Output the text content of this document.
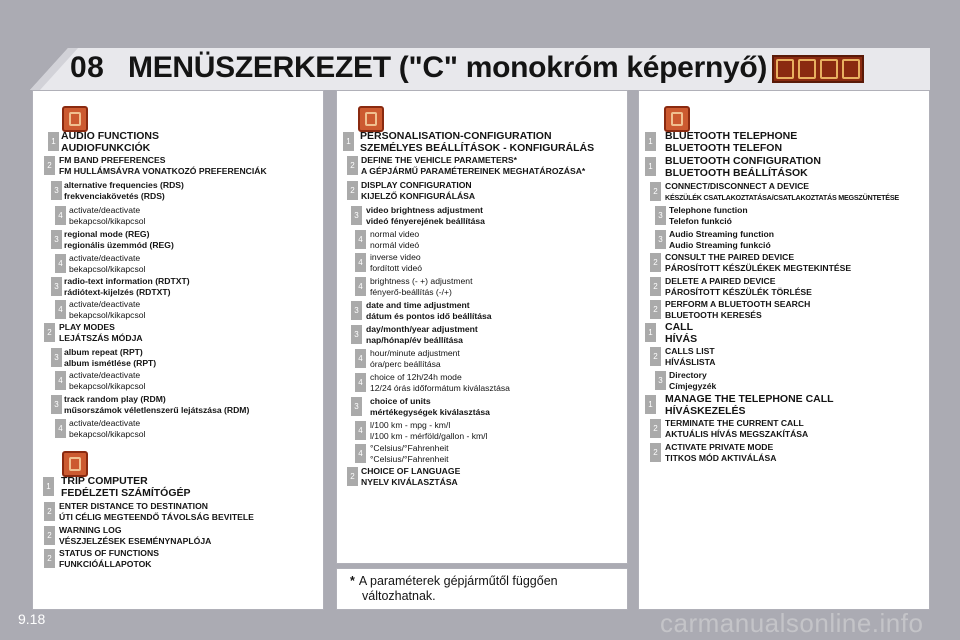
08 MENÜSZERKEZET ("C" monokróm képernyő)
1 AUDIO FUNCTIONS
AUDIOFUNKCIÓK
2
FM BAND PREFERENCES
FM HULLÁMSÁVRA VONATKOZÓ PREFERENCIÁK
3
alternative frequencies (RDS)
frekvenciakövetés (RDS)
4
activate/deactivate
bekapcsol/kikapcsol
3
regional mode (REG)
regionális üzemmód (REG)
4
activate/deactivate
bekapcsol/kikapcsol
3
radio-text information (RDTXT)
rádiótext-kijelzés (RDTXT)
4
activate/deactivate
bekapcsol/kikapcsol
2
PLAY MODES
LEJÁTSZÁS MÓDJA
3
album repeat (RPT)
album ismétlése (RPT)
4
activate/deactivate
bekapcsol/kikapcsol
3
track random play (RDM)
műsorszámok véletlenszerű lejátszása (RDM)
4
activate/deactivate
bekapcsol/kikapcsol
1 TRIP COMPUTER
FEDÉLZETI SZÁMÍTÓGÉP
2
ENTER DISTANCE TO DESTINATION
ÚTI CÉLIG MEGTEENDŐ TÁVOLSÁG BEVITELE
2
WARNING LOG
VÉSZJELZÉSEK ESEMÉNYNAPLÓJA
2
STATUS OF FUNCTIONS
FUNKCIÓÁLLAPOTOK
1 PERSONALISATION-CONFIGURATION
SZEMÉLYES BEÁLLÍTÁSOK - KONFIGURÁLÁS
2
DEFINE THE VEHICLE PARAMETERS*
A GÉPJÁRMŰ PARAMÉTEREINEK MEGHATÁROZÁSA*
2
DISPLAY CONFIGURATION
KIJELZŐ KONFIGURÁLÁSA
3
video brightness adjustment
videó fényerejének beállítása
4
normal video
normál videó
4
inverse video
fordított videó
4
brightness (- +) adjustment
fényerő-beállítás (-/+)
3
date and time adjustment
dátum és pontos idő beállítása
3
day/month/year adjustment
nap/hónap/év beállítása
4
hour/minute adjustment
óra/perc beállítása
4
choice of 12h/24h mode
12/24 órás időformátum kiválasztása
3
choice of units
mértékegységek kiválasztása
4
l/100 km - mpg - km/l
l/100 km - mérföld/gallon - km/l
4
°Celsius/°Fahrenheit
°Celsius/°Fahrenheit
2
CHOICE OF LANGUAGE
NYELV KIVÁLASZTÁSA
1	BLUETOOTH TELEPHONE
BLUETOOTH TELEFON
1	BLUETOOTH CONFIGURATION
BLUETOOTH BEÁLLÍTÁSOK
2
CONNECT/DISCONNECT A DEVICE
KÉSZÜLÉK CSATLAKOZTATÁSA/CSATLAKOZTATÁS MEGSZÜNTETÉSE
3
Telephone function
Telefon funkció
3
Audio Streaming function
Audio Streaming funkció
2
CONSULT THE PAIRED DEVICE
PÁROSÍTOTT KÉSZÜLÉKEK MEGTEKINTÉSE
2
DELETE A PAIRED DEVICE
PÁROSÍTOTT KÉSZÜLÉK TÖRLÉSE
2
PERFORM A BLUETOOTH SEARCH
BLUETOOTH KERESÉS
1	CALL
HÍVÁS
2
CALLS LIST
HÍVÁSLISTA
3
Directory
Címjegyzék
1	MANAGE THE TELEPHONE CALL
HÍVÁSKEZELÉS
2
TERMINATE THE CURRENT CALL
AKTUÁLIS HÍVÁS MEGSZAKÍTÁSA
2
ACTIVATE PRIVATE MODE
TITKOS MÓD AKTIVÁLÁSA
* A paraméterek gépjárműtől függően
változhatnak.
9.18	carmanualsonline.info
